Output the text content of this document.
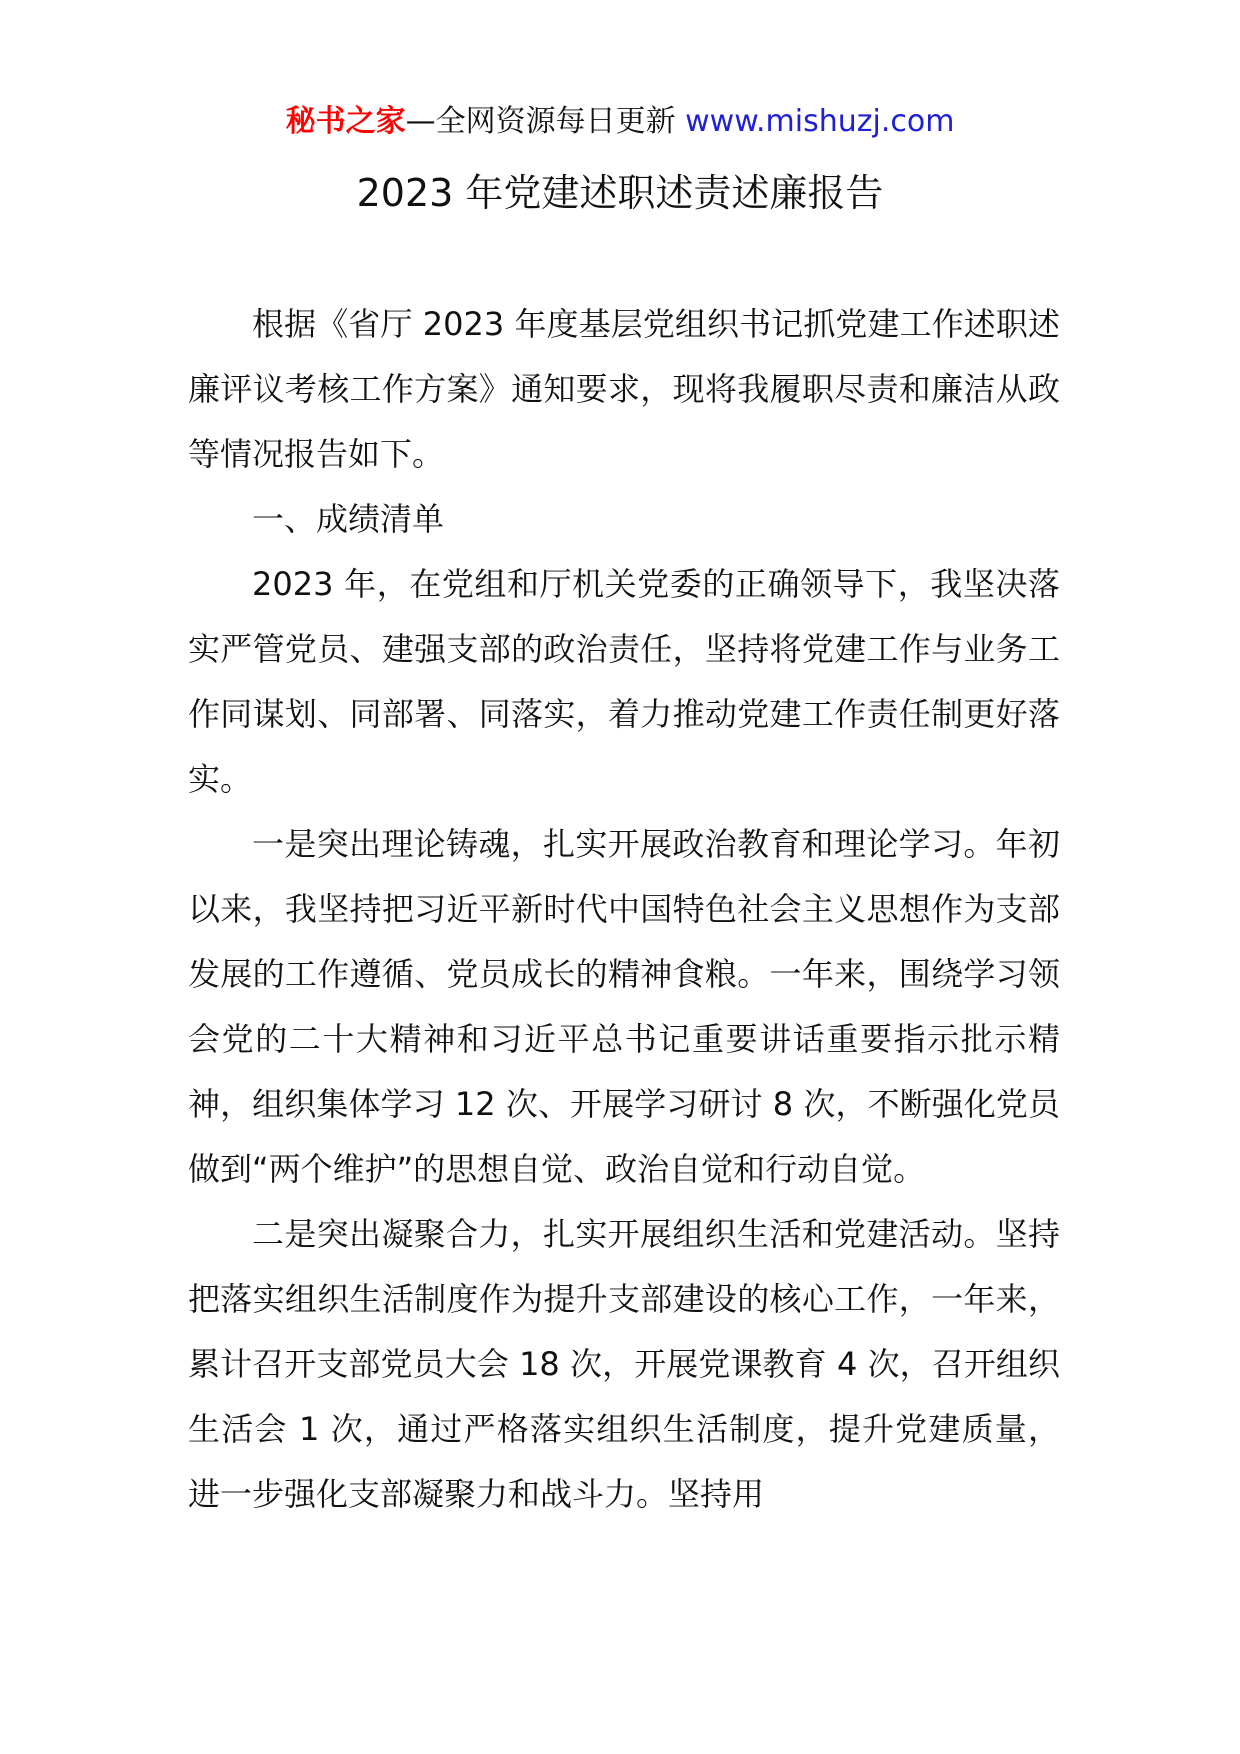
秘书之家—全网资源每日更新 www.mishuzj.com
2023 年党建述职述责述廉报告

根据《省厅 2023 年度基层党组织书记抓党建工作述职述廉评议考核工作方案》通知要求，现将我履职尽责和廉洁从政等情况报告如下。

一、成绩清单

2023 年，在党组和厅机关党委的正确领导下，我坚决落实严管党员、建强支部的政治责任，坚持将党建工作与业务工作同谋划、同部署、同落实，着力推动党建工作责任制更好落实。

一是突出理论铸魂，扎实开展政治教育和理论学习。年初以来，我坚持把习近平新时代中国特色社会主义思想作为支部发展的工作遵循、党员成长的精神食粮。一年来，围绕学习领会党的二十大精神和习近平总书记重要讲话重要指示批示精神，组织集体学习 12 次、开展学习研讨 8 次，不断强化党员做到“两个维护”的思想自觉、政治自觉和行动自觉。

二是突出凝聚合力，扎实开展组织生活和党建活动。坚持把落实组织生活制度作为提升支部建设的核心工作，一年来，累计召开支部党员大会 18 次，开展党课教育 4 次，召开组织生活会 1 次，通过严格落实组织生活制度，提升党建质量，进一步强化支部凝聚力和战斗力。坚持用
